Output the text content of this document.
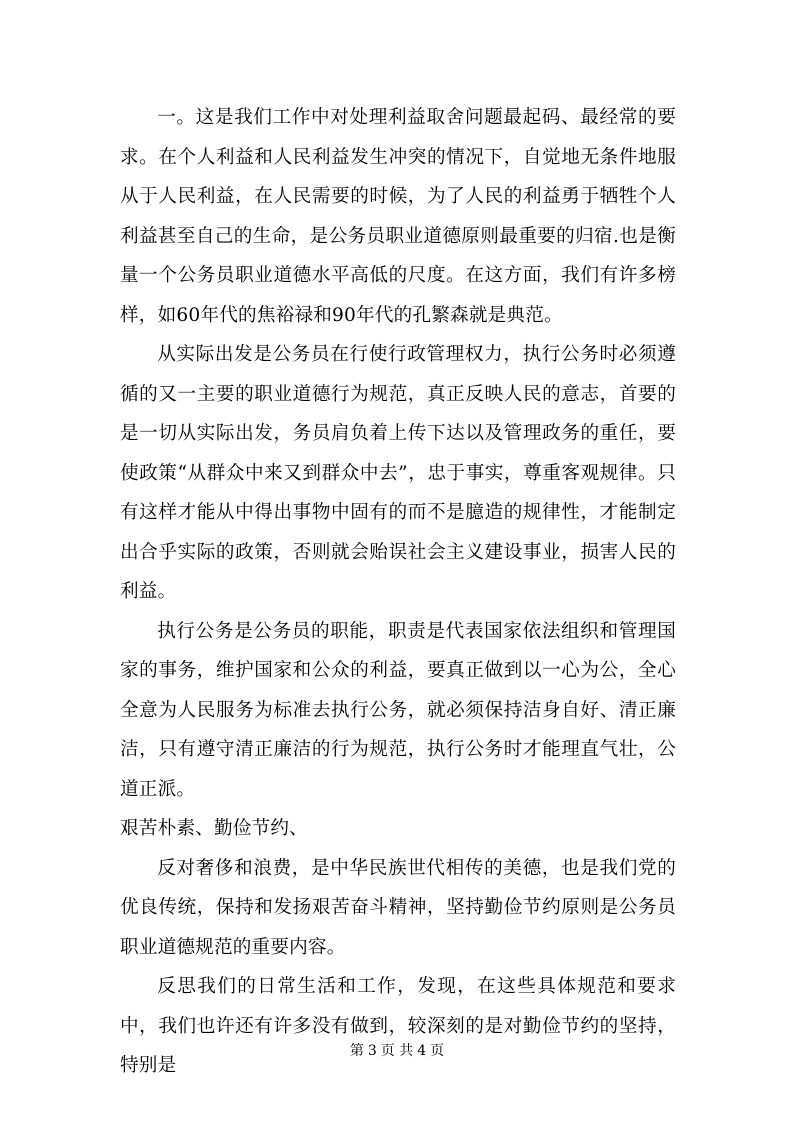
一。这是我们工作中对处理利益取舍问题最起码、最经常的要求。在个人利益和人民利益发生冲突的情况下，自觉地无条件地服从于人民利益，在人民需要的时候，为了人民的利益勇于牺牲个人利益甚至自己的生命，是公务员职业道德原则最重要的归宿.也是衡量一个公务员职业道德水平高低的尺度。在这方面，我们有许多榜样，如60年代的焦裕禄和90年代的孔繁森就是典范。

从实际出发是公务员在行使行政管理权力，执行公务时必须遵循的又一主要的职业道德行为规范，真正反映人民的意志，首要的是一切从实际出发，务员肩负着上传下达以及管理政务的重任，要使政策“从群众中来又到群众中去”，忠于事实，尊重客观规律。只有这样才能从中得出事物中固有的而不是臆造的规律性，才能制定出合乎实际的政策，否则就会贻误社会主义建设事业，损害人民的利益。

执行公务是公务员的职能，职责是代表国家依法组织和管理国家的事务，维护国家和公众的利益，要真正做到以一心为公，全心全意为人民服务为标准去执行公务，就必须保持洁身自好、清正廉洁，只有遵守清正廉洁的行为规范，执行公务时才能理直气壮，公道正派。

艰苦朴素、勤俭节约、

反对奢侈和浪费，是中华民族世代相传的美德，也是我们党的优良传统，保持和发扬艰苦奋斗精神，坚持勤俭节约原则是公务员职业道德规范的重要内容。

反思我们的日常生活和工作，发现，在这些具体规范和要求中，我们也许还有许多没有做到，较深刻的是对勤俭节约的坚持，特别是

第 3 页 共 4 页
